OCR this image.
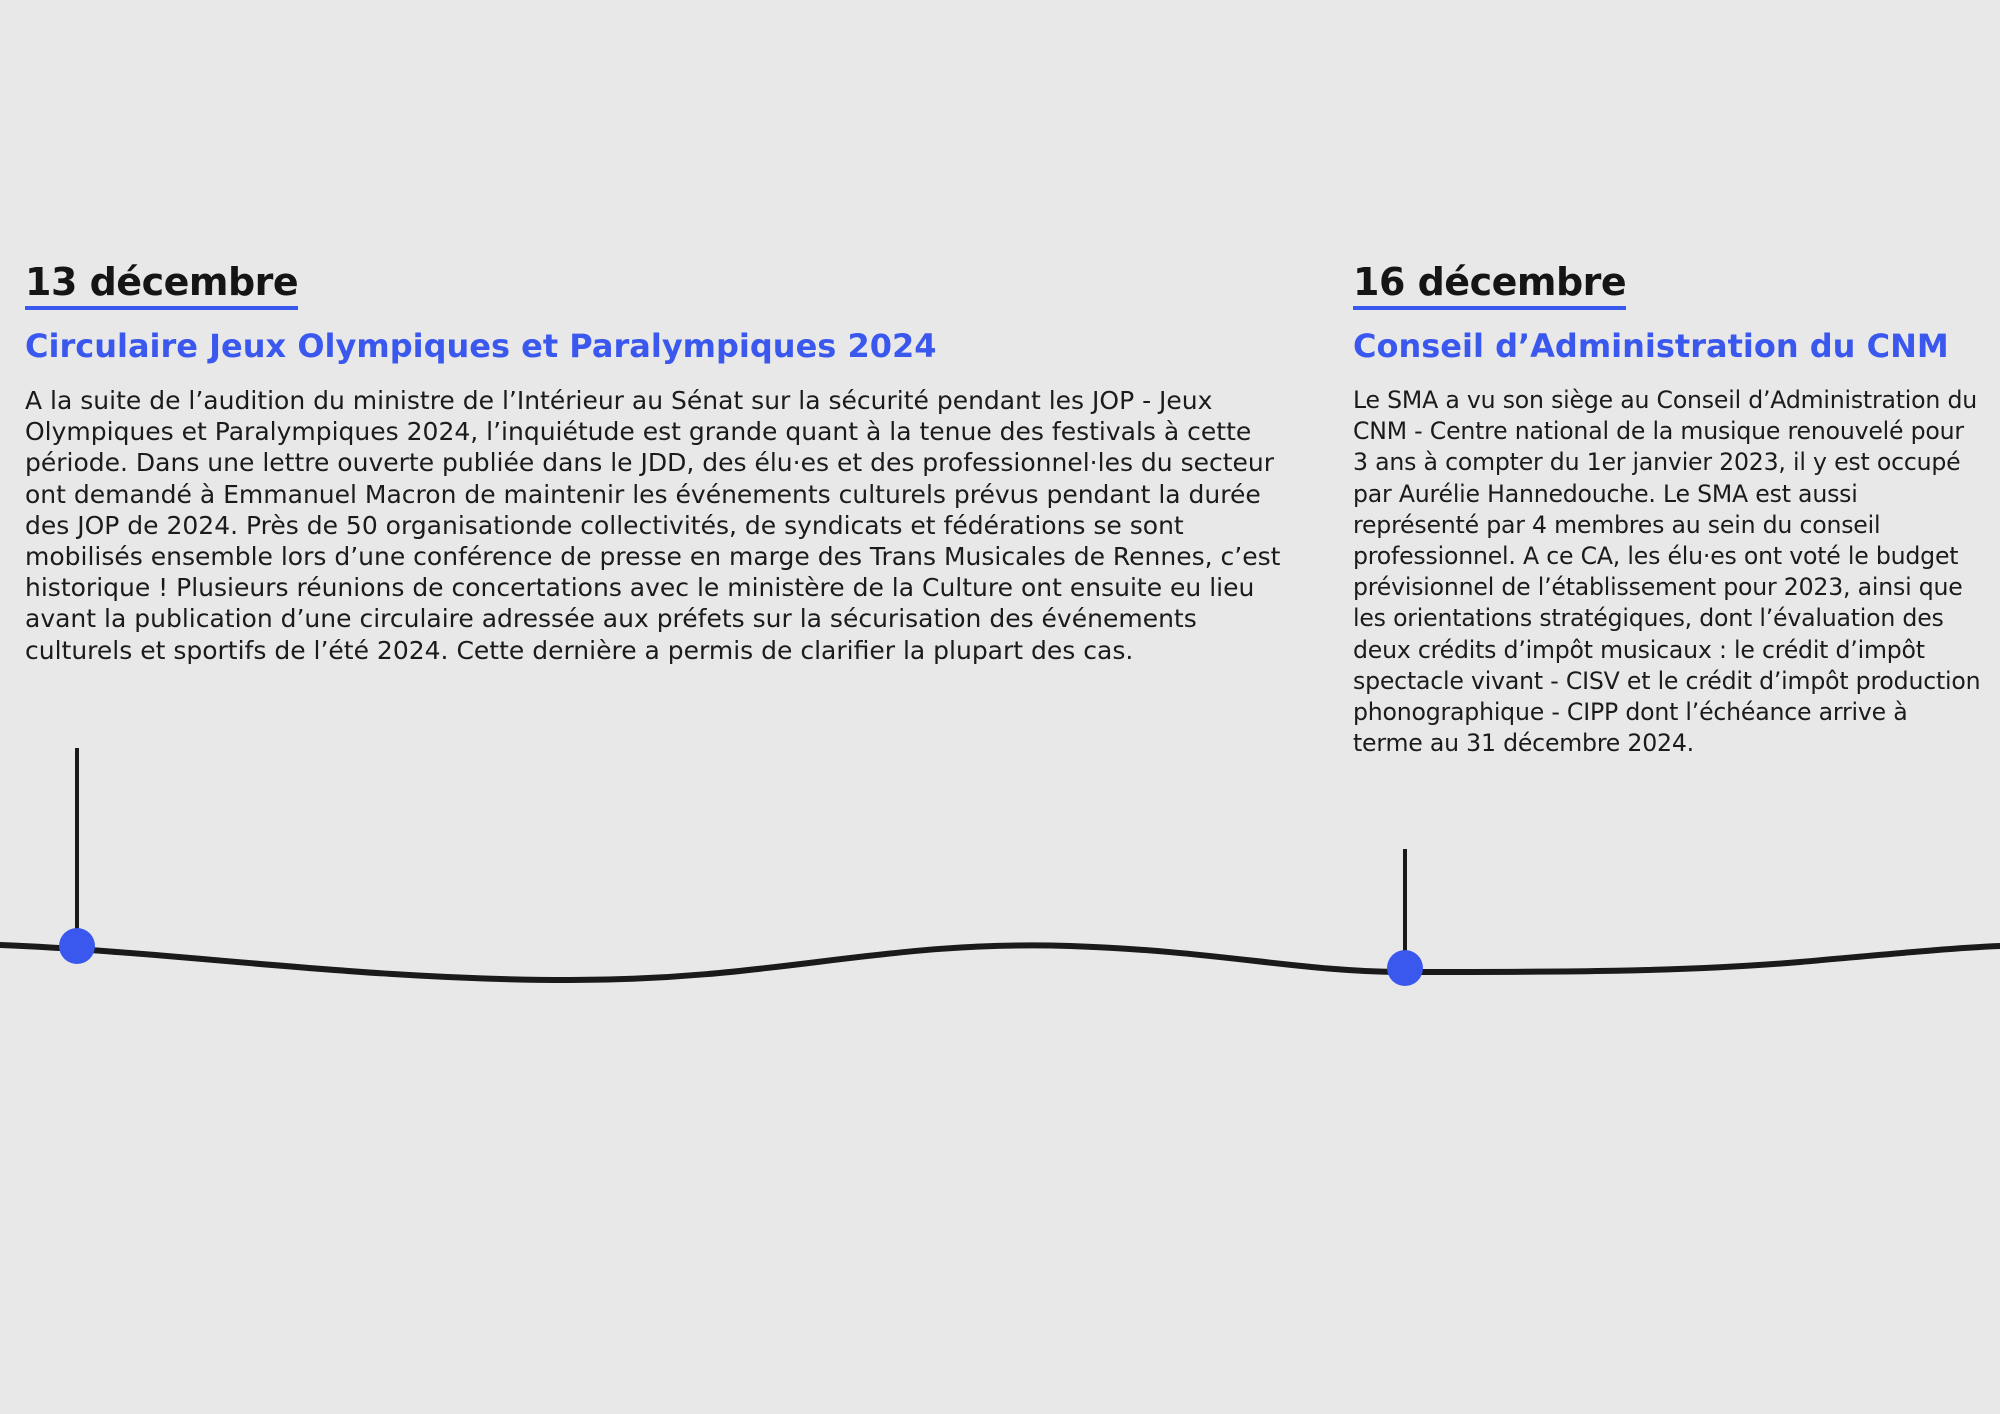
13 décembre
Circulaire Jeux Olympiques et Paralympiques 2024

A la suite de l’audition du ministre de l’Intérieur au Sénat sur la sécurité pendant les JOP - Jeux Olympiques et Paralympiques 2024, l’inquiétude est grande quant à la tenue des festivals à cette période. Dans une lettre ouverte publiée dans le JDD, des élu·es et des professionnel·les du secteur ont demandé à Emmanuel Macron de maintenir les événements culturels prévus pendant la durée des JOP de 2024. Près de 50 organisationde collectivités, de syndicats et fédérations se sont mobilisés ensemble lors d’une conférence de presse en marge des Trans Musicales de Rennes, c’est historique ! Plusieurs réunions de concertations avec le ministère de la Culture ont ensuite eu lieu avant la publication d’une circulaire adressée aux préfets sur la sécurisation des événements culturels et sportifs de l’été 2024. Cette dernière a permis de clarifier la plupart des cas.

16 décembre
Conseil d’Administration du CNM

Le SMA a vu son siège au Conseil d’Administration du CNM - Centre national de la musique renouvelé pour 3 ans à compter du 1er janvier 2023, il y est occupé par Aurélie Hannedouche. Le SMA est aussi représenté par 4 membres au sein du conseil professionnel. A ce CA, les élu·es ont voté le budget prévisionnel de l’établissement pour 2023, ainsi que les orientations stratégiques, dont l’évaluation des deux crédits d’impôt musicaux : le crédit d’impôt spectacle vivant - CISV et le crédit d’impôt production phonographique - CIPP dont l’échéance arrive à terme au 31 décembre 2024.
